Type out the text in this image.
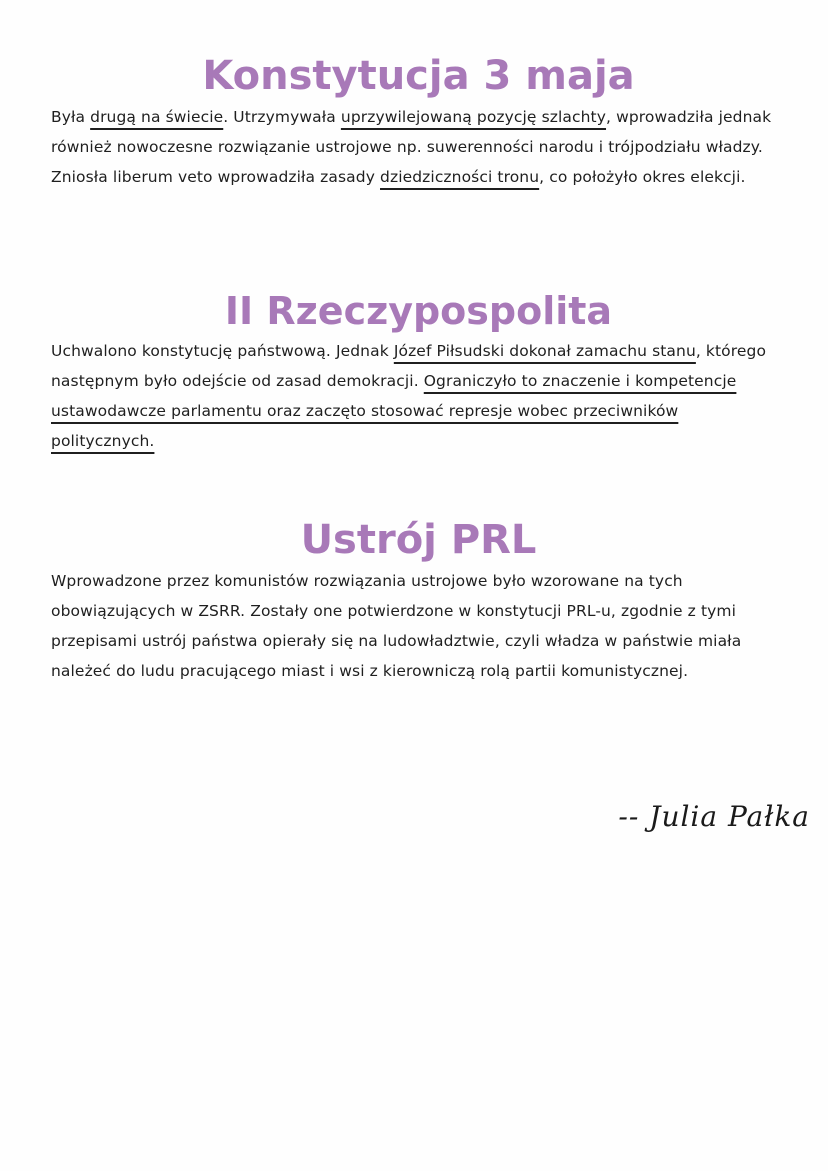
Konstytucja 3 maja

Była drugą na świecie. Utrzymywała uprzywilejowaną pozycję szlachty, wprowadziła jednak również nowoczesne rozwiązanie ustrojowe np. suwerenności narodu i trójpodziału władzy. Zniosła liberum veto wprowadziła zasady dziedziczności tronu, co położyło okres elekcji.

II Rzeczypospolita

Uchwalono konstytucję państwową. Jednak Józef Piłsudski dokonał zamachu stanu, którego następnym było odejście od zasad demokracji. Ograniczyło to znaczenie i kompetencje ustawodawcze parlamentu oraz zaczęto stosować represje wobec przeciwników politycznych.

Ustrój PRL

Wprowadzone przez komunistów rozwiązania ustrojowe było wzorowane na tych obowiązujących w ZSRR. Zostały one potwierdzone w konstytucji PRL-u, zgodnie z tymi przepisami ustrój państwa opierały się na ludowładztwie, czyli władza w państwie miała należeć do ludu pracującego miast i wsi z kierowniczą rolą partii komunistycznej.

-- Julia Pałka
